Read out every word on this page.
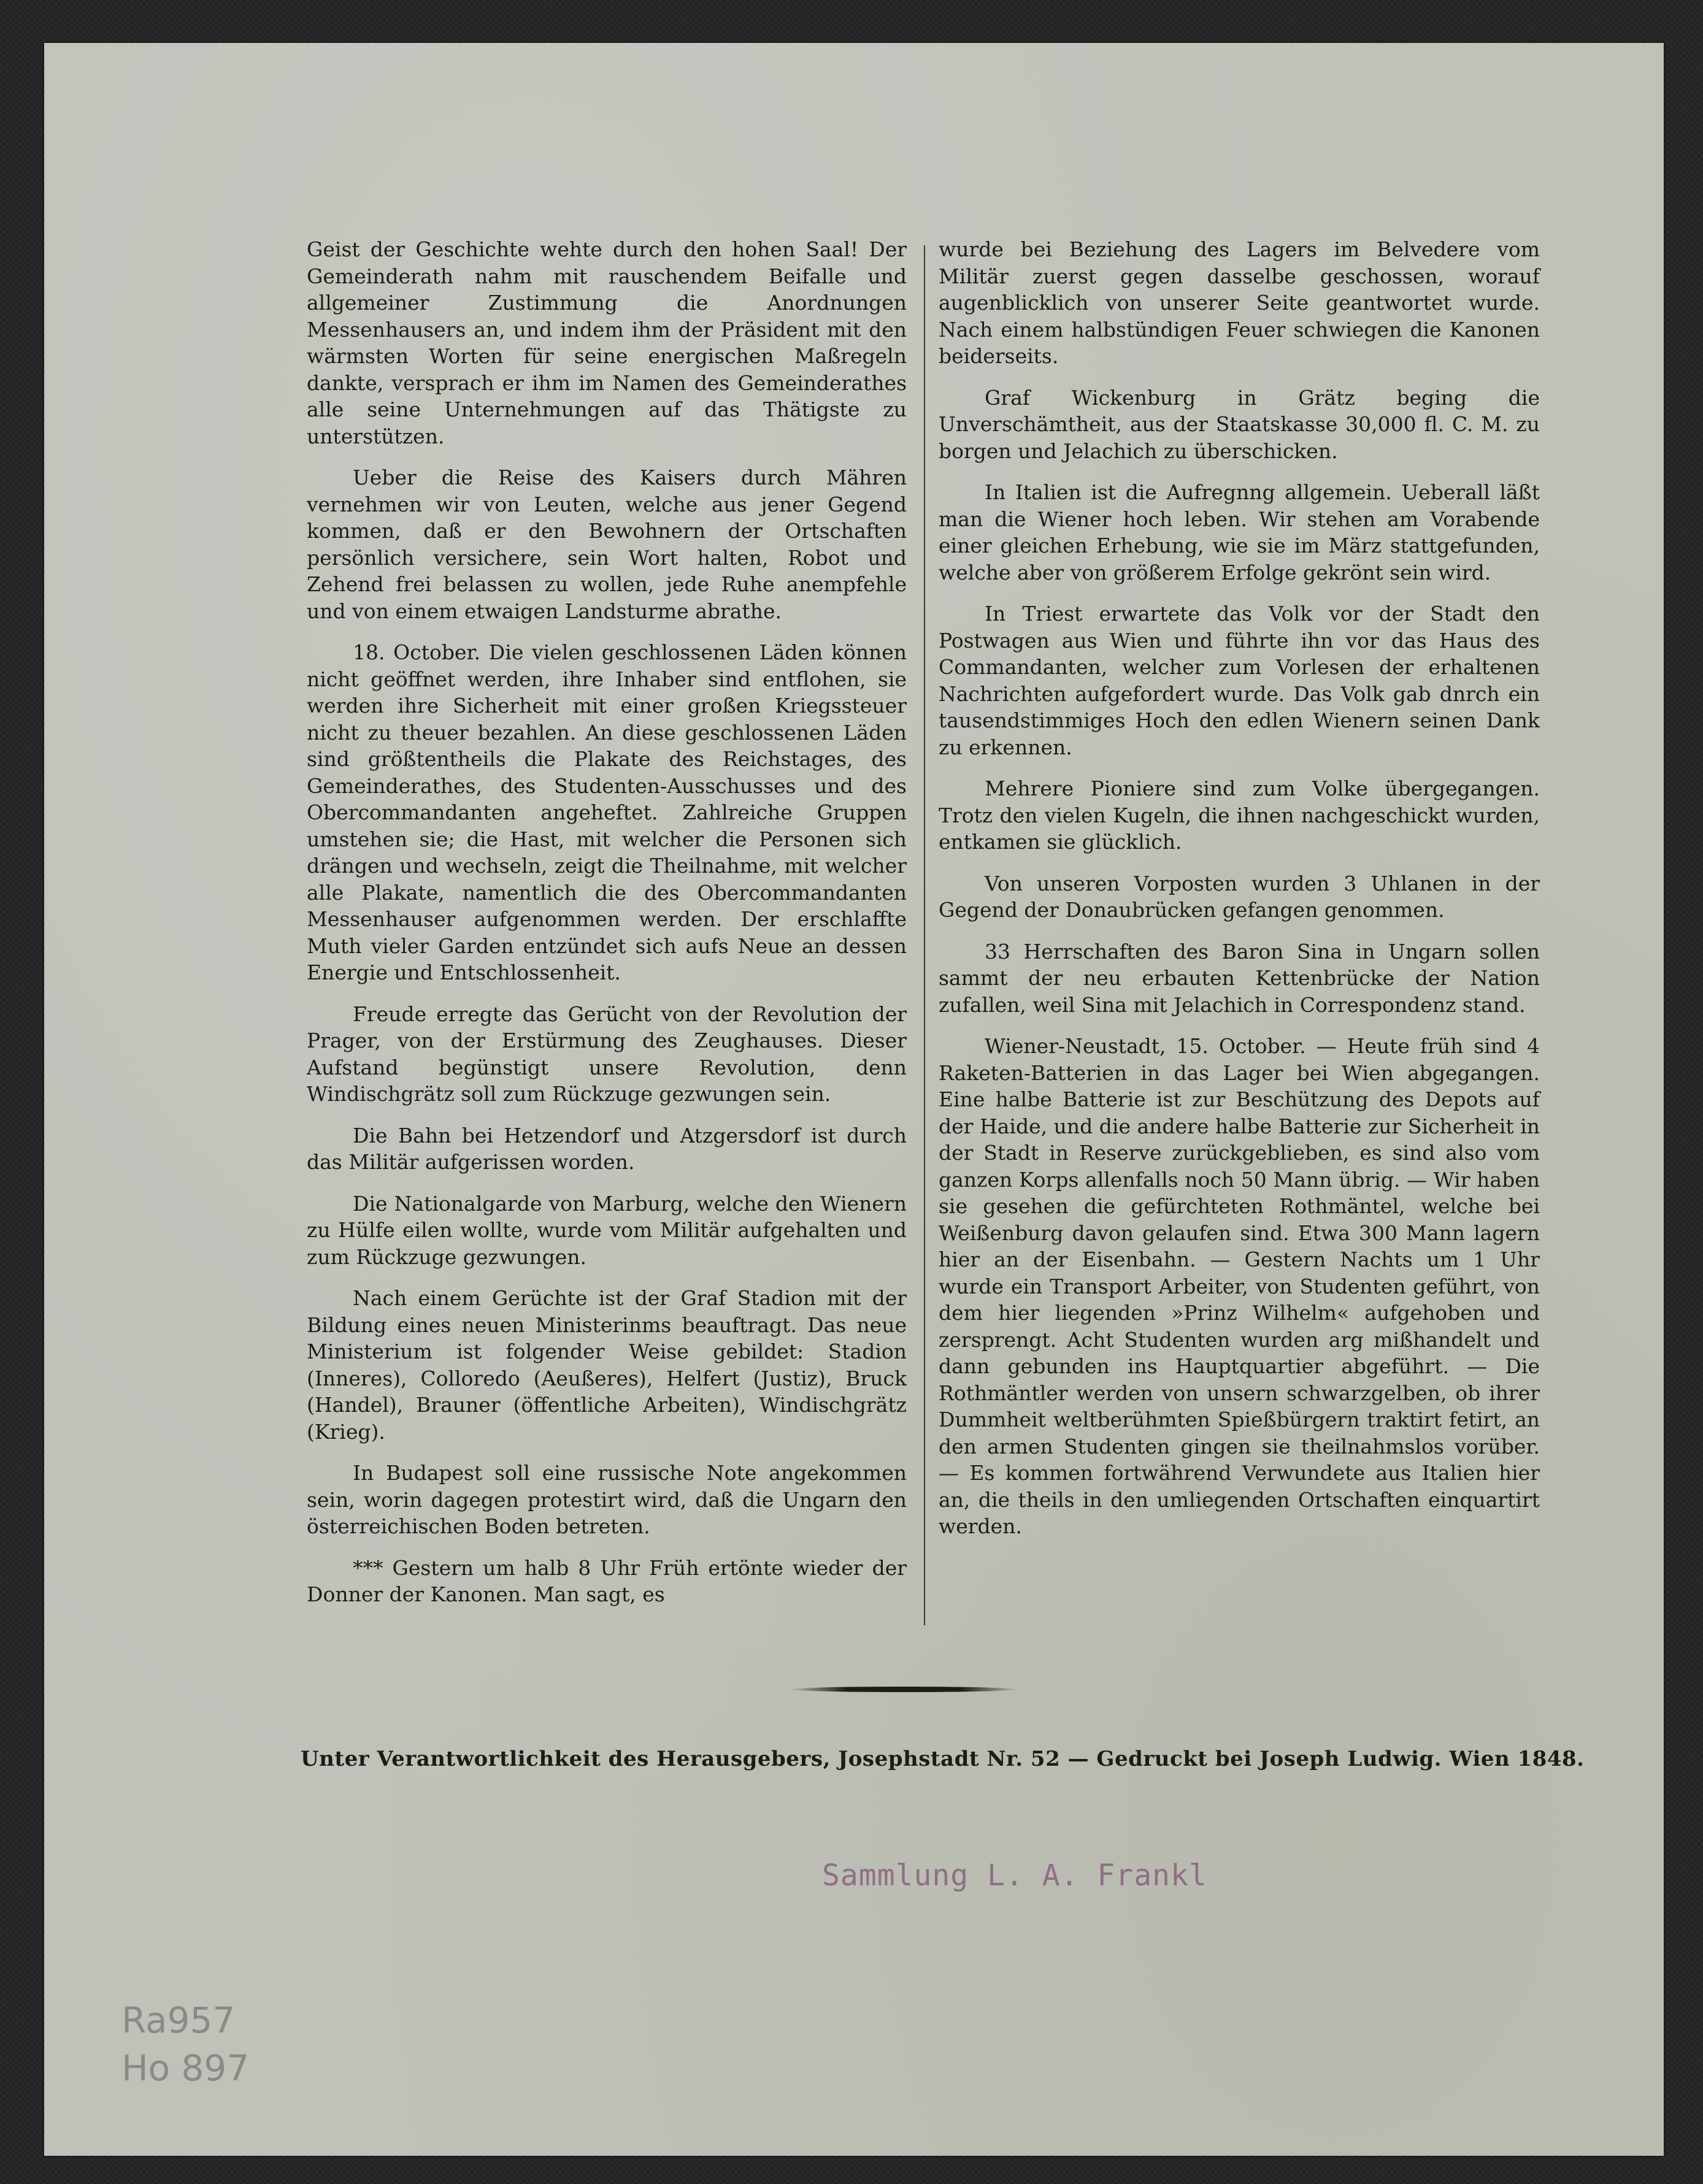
Geist der Geschichte wehte durch den hohen Saal! Der Gemeinderath nahm mit rauschendem Beifalle und allgemeiner Zustimmung die Anordnungen Messenhausers an, und indem ihm der Präsident mit den wärmsten Worten für seine energischen Maßregeln dankte, versprach er ihm im Namen des Gemeinderathes alle seine Unternehmungen auf das Thätigste zu unterstützen.

Ueber die Reise des Kaisers durch Mähren vernehmen wir von Leuten, welche aus jener Gegend kommen, daß er den Bewohnern der Ortschaften persönlich versichere, sein Wort halten, Robot und Zehend frei belassen zu wollen, jede Ruhe anempfehle und von einem etwaigen Landsturme abrathe.

18. October. Die vielen geschlossenen Läden können nicht geöffnet werden, ihre Inhaber sind entflohen, sie werden ihre Sicherheit mit einer großen Kriegssteuer nicht zu theuer bezahlen. An diese geschlossenen Läden sind größtentheils die Plakate des Reichstages, des Gemeinderathes, des Studenten-Ausschusses und des Obercommandanten angeheftet. Zahlreiche Gruppen umstehen sie; die Hast, mit welcher die Personen sich drängen und wechseln, zeigt die Theilnahme, mit welcher alle Plakate, namentlich die des Obercommandanten Messenhauser aufgenommen werden. Der erschlaffte Muth vieler Garden entzündet sich aufs Neue an dessen Energie und Entschlossenheit.

Freude erregte das Gerücht von der Revolution der Prager, von der Erstürmung des Zeughauses. Dieser Aufstand begünstigt unsere Revolution, denn Windischgrätz soll zum Rückzuge gezwungen sein.

Die Bahn bei Hetzendorf und Atzgersdorf ist durch das Militär aufgerissen worden.

Die Nationalgarde von Marburg, welche den Wienern zu Hülfe eilen wollte, wurde vom Militär aufgehalten und zum Rückzuge gezwungen.

Nach einem Gerüchte ist der Graf Stadion mit der Bildung eines neuen Ministerinms beauftragt. Das neue Ministerium ist folgender Weise gebildet: Stadion (Inneres), Colloredo (Aeußeres), Helfert (Justiz), Bruck (Handel), Brauner (öffentliche Arbeiten), Windischgrätz (Krieg).

In Budapest soll eine russische Note angekommen sein, worin dagegen protestirt wird, daß die Ungarn den österreichischen Boden betreten.

*** Gestern um halb 8 Uhr Früh ertönte wieder der Donner der Kanonen. Man sagt, es

wurde bei Beziehung des Lagers im Belvedere vom Militär zuerst gegen dasselbe geschossen, worauf augenblicklich von unserer Seite geantwortet wurde. Nach einem halbstündigen Feuer schwiegen die Kanonen beiderseits.

Graf Wickenburg in Grätz beging die Unverschämtheit, aus der Staatskasse 30,000 fl. C. M. zu borgen und Jelachich zu überschicken.

In Italien ist die Aufregnng allgemein. Ueberall läßt man die Wiener hoch leben. Wir stehen am Vorabende einer gleichen Erhebung, wie sie im März stattgefunden, welche aber von größerem Erfolge gekrönt sein wird.

In Triest erwartete das Volk vor der Stadt den Postwagen aus Wien und führte ihn vor das Haus des Commandanten, welcher zum Vorlesen der erhaltenen Nachrichten aufgefordert wurde. Das Volk gab dnrch ein tausendstimmiges Hoch den edlen Wienern seinen Dank zu erkennen.

Mehrere Pioniere sind zum Volke übergegangen. Trotz den vielen Kugeln, die ihnen nachgeschickt wurden, entkamen sie glücklich.

Von unseren Vorposten wurden 3 Uhlanen in der Gegend der Donaubrücken gefangen genommen.

33 Herrschaften des Baron Sina in Ungarn sollen sammt der neu erbauten Kettenbrücke der Nation zufallen, weil Sina mit Jelachich in Correspondenz stand.

Wiener-Neustadt, 15. October. — Heute früh sind 4 Raketen-Batterien in das Lager bei Wien abgegangen. Eine halbe Batterie ist zur Beschützung des Depots auf der Haide, und die andere halbe Batterie zur Sicherheit in der Stadt in Reserve zurückgeblieben, es sind also vom ganzen Korps allenfalls noch 50 Mann übrig. — Wir haben sie gesehen die gefürchteten Rothmäntel, welche bei Weißenburg davon gelaufen sind. Etwa 300 Mann lagern hier an der Eisenbahn. — Gestern Nachts um 1 Uhr wurde ein Transport Arbeiter, von Studenten geführt, von dem hier liegenden »Prinz Wilhelm« aufgehoben und zersprengt. Acht Studenten wurden arg mißhandelt und dann gebunden ins Hauptquartier abgeführt. — Die Rothmäntler werden von unsern schwarzgelben, ob ihrer Dummheit weltberühmten Spießbürgern traktirt fetirt, an den armen Studenten gingen sie theilnahmslos vorüber. — Es kommen fortwährend Verwundete aus Italien hier an, die theils in den umliegenden Ortschaften einquartirt werden.

Unter Verantwortlichkeit des Herausgebers, Josephstadt Nr. 52 — Gedruckt bei Joseph Ludwig. Wien 1848.
Sammlung L. A. Frankl
Ra957
Ho 897
